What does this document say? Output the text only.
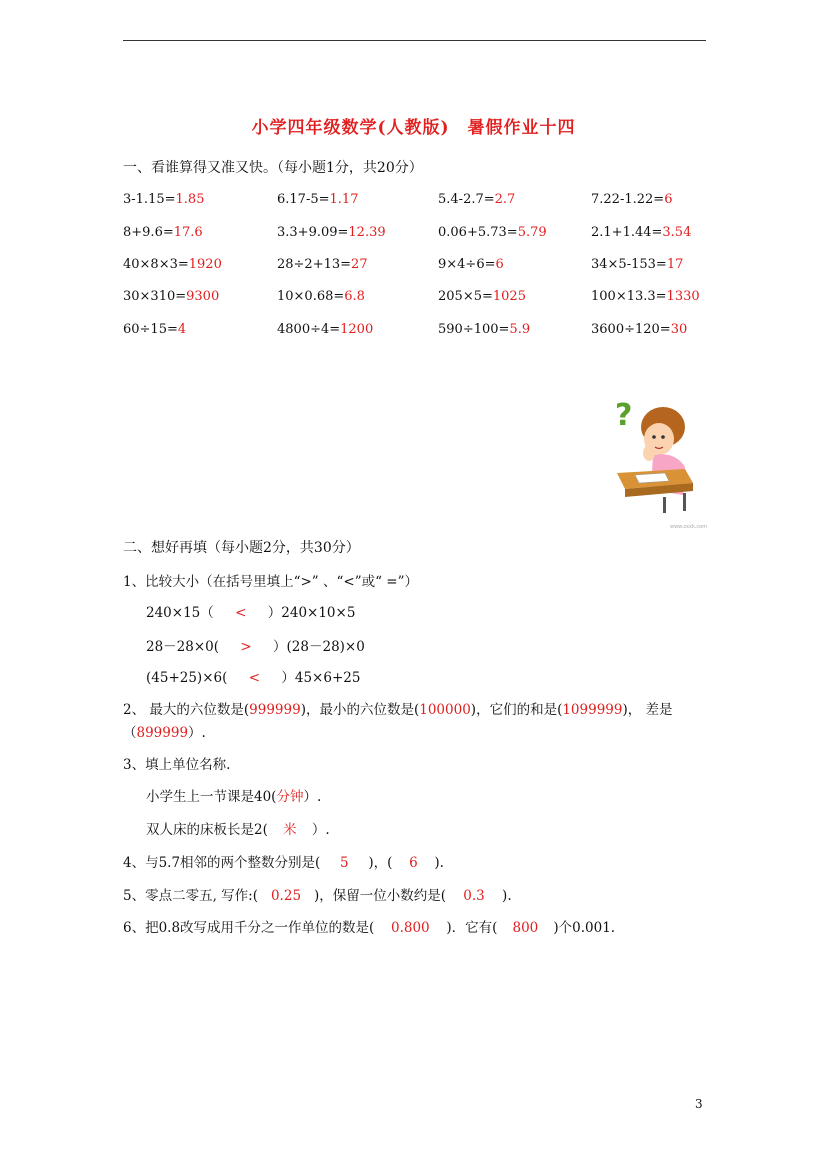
小学四年级数学(人教版)　暑假作业十四
一、看谁算得又准又快。（每小题1分，共20分）
3-1.15=1.85	6.17-5=1.17	5.4-2.7=2.7	7.22-1.22=6
8+9.6=17.6	3.3+9.09=12.39	0.06+5.73=5.79	2.1+1.44=3.54
40×8×3=1920	28÷2+13=27	9×4÷6=6	34×5-153=17
30×310=9300	10×0.68=6.8	205×5=1025	100×13.3=1330
60÷15=4	4800÷4=1200	590÷100=5.9	3600÷120=30
?
www.zxxk.com
二、想好再填（每小题2分，共30分）
1、比较大小（在括号里填上“>” 、“<”或“ =”）
240×15（ < ）240×10×5
28－28×0( > ）(28－28)×0
(45+25)×6( < ）45×6+25
2、 最大的六位数是(999999)，最小的六位数是(100000)，它们的和是(1099999)， 差是
（899999）.
3、填上单位名称.
小学生上一节课是40(分钟）.
双人床的床板长是2( 米 ）.
4、与5.7相邻的两个整数分别是( 5 )，( 6 ).
5、零点二零五, 写作:( 0.25 )，保留一位小数约是( 0.3 ).
6、把0.8改写成用千分之一作单位的数是( 0.800 )．它有( 800 )个0.001.
3
